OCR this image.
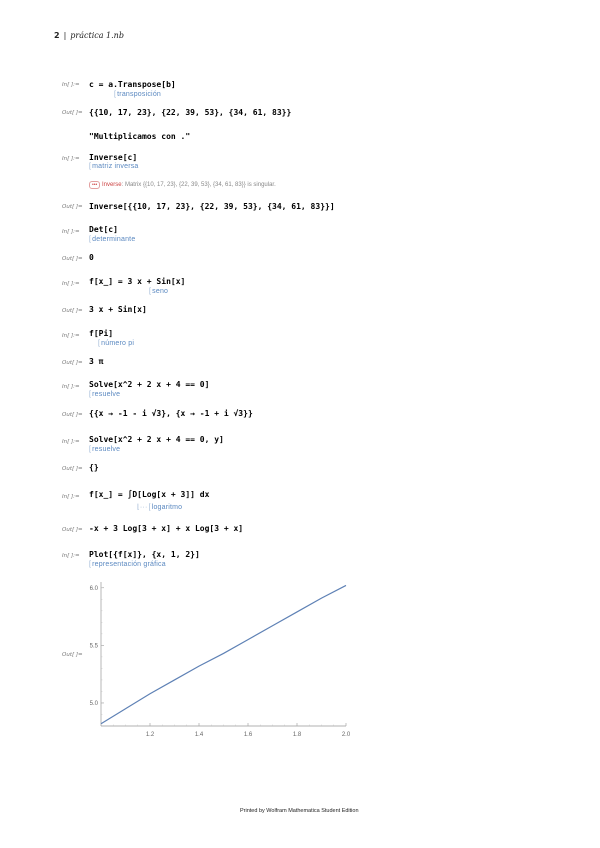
2 | práctica 1.nb
In[ ]:= c = a.Transpose[b]
[transposición
Out[ ]= {{10, 17, 23}, {22, 39, 53}, {34, 61, 83}}
"Multiplicamos con ."
In[ ]:= Inverse[c]
[matriz inversa
••• Inverse: Matrix {{10, 17, 23}, {22, 39, 53}, {34, 61, 83}} is singular.
Out[ ]= Inverse[{{10, 17, 23}, {22, 39, 53}, {34, 61, 83}}]
In[ ]:= Det[c]
[determinante
Out[ ]= 0
In[ ]:= f[x_] = 3 x + Sin[x]
[seno
Out[ ]= 3 x + Sin[x]
In[ ]:= f[Pi]
[número pi
Out[ ]= 3 π
In[ ]:= Solve[x^2 + 2 x + 4 == 0]
[resuelve
Out[ ]= {{x → -1 - i √3}, {x → -1 + i √3}}
In[ ]:= Solve[x^2 + 2 x + 4 == 0, y]
[resuelve
Out[ ]= {}
In[ ]:= f[x_] = ∫D[Log[x + 3]] dx
⌊···[logaritmo
Out[ ]= -x + 3 Log[3 + x] + x Log[3 + x]
In[ ]:= Plot[{f[x]}, {x, 1, 2}]
[representación gráfica
Out[ ]=
1.2	1.4	1.6	1.8	2.0
5.0
5.5
6.0
Printed by Wolfram Mathematica Student Edition
